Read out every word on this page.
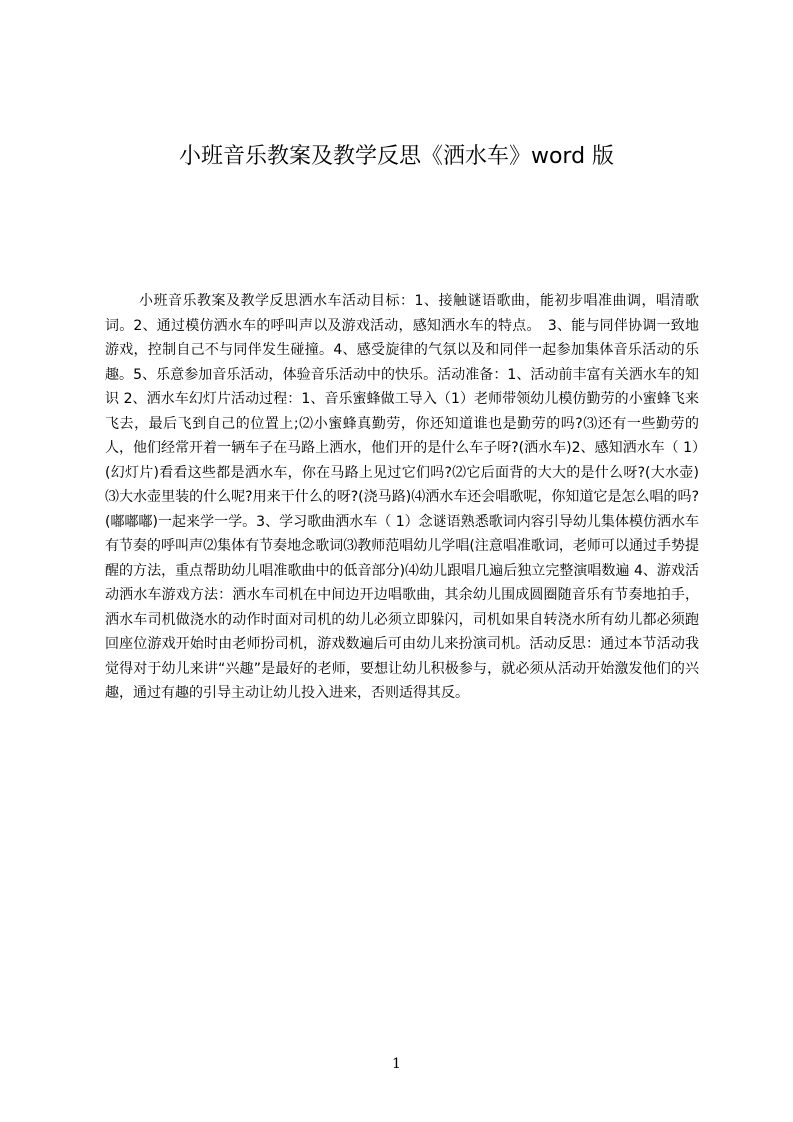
小班音乐教案及教学反思《洒水车》word 版

小班音乐教案及教学反思洒水车活动目标：1、接触谜语歌曲，能初步唱准曲调，唱清歌词。2、通过模仿洒水车的呼叫声以及游戏活动，感知洒水车的特点。　3、能与同伴协调一致地游戏，控制自己不与同伴发生碰撞。4、感受旋律的气氛以及和同伴一起参加集体音乐活动的乐趣。5、乐意参加音乐活动，体验音乐活动中的快乐。活动准备：1、活动前丰富有关洒水车的知识 2、洒水车幻灯片活动过程：1、音乐蜜蜂做工导入（1）老师带领幼儿模仿勤劳的小蜜蜂飞来飞去，最后飞到自己的位置上;⑵小蜜蜂真勤劳，你还知道谁也是勤劳的吗?⑶还有一些勤劳的人，他们经常开着一辆车子在马路上洒水，他们开的是什么车子呀?(洒水车)2、感知洒水车（ 1）(幻灯片)看看这些都是洒水车，你在马路上见过它们吗?⑵它后面背的大大的是什么呀?(大水壶)⑶大水壶里装的什么呢?用来干什么的呀?(浇马路)⑷洒水车还会唱歌呢，你知道它是怎么唱的吗?(嘟嘟嘟)一起来学一学。3、学习歌曲洒水车（ 1）念谜语熟悉歌词内容引导幼儿集体模仿洒水车有节奏的呼叫声⑵集体有节奏地念歌词⑶教师范唱幼儿学唱(注意唱准歌词，老师可以通过手势提醒的方法，重点帮助幼儿唱准歌曲中的低音部分)⑷幼儿跟唱几遍后独立完整演唱数遍 4、游戏活动洒水车游戏方法：洒水车司机在中间边开边唱歌曲，其余幼儿围成圆圈随音乐有节奏地拍手，洒水车司机做浇水的动作时面对司机的幼儿必须立即躲闪，司机如果自转浇水所有幼儿都必须跑回座位游戏开始时由老师扮司机，游戏数遍后可由幼儿来扮演司机。活动反思：通过本节活动我觉得对于幼儿来讲“兴趣”是最好的老师，要想让幼儿积极参与，就必须从活动开始激发他们的兴趣，通过有趣的引导主动让幼儿投入进来，否则适得其反。

1
